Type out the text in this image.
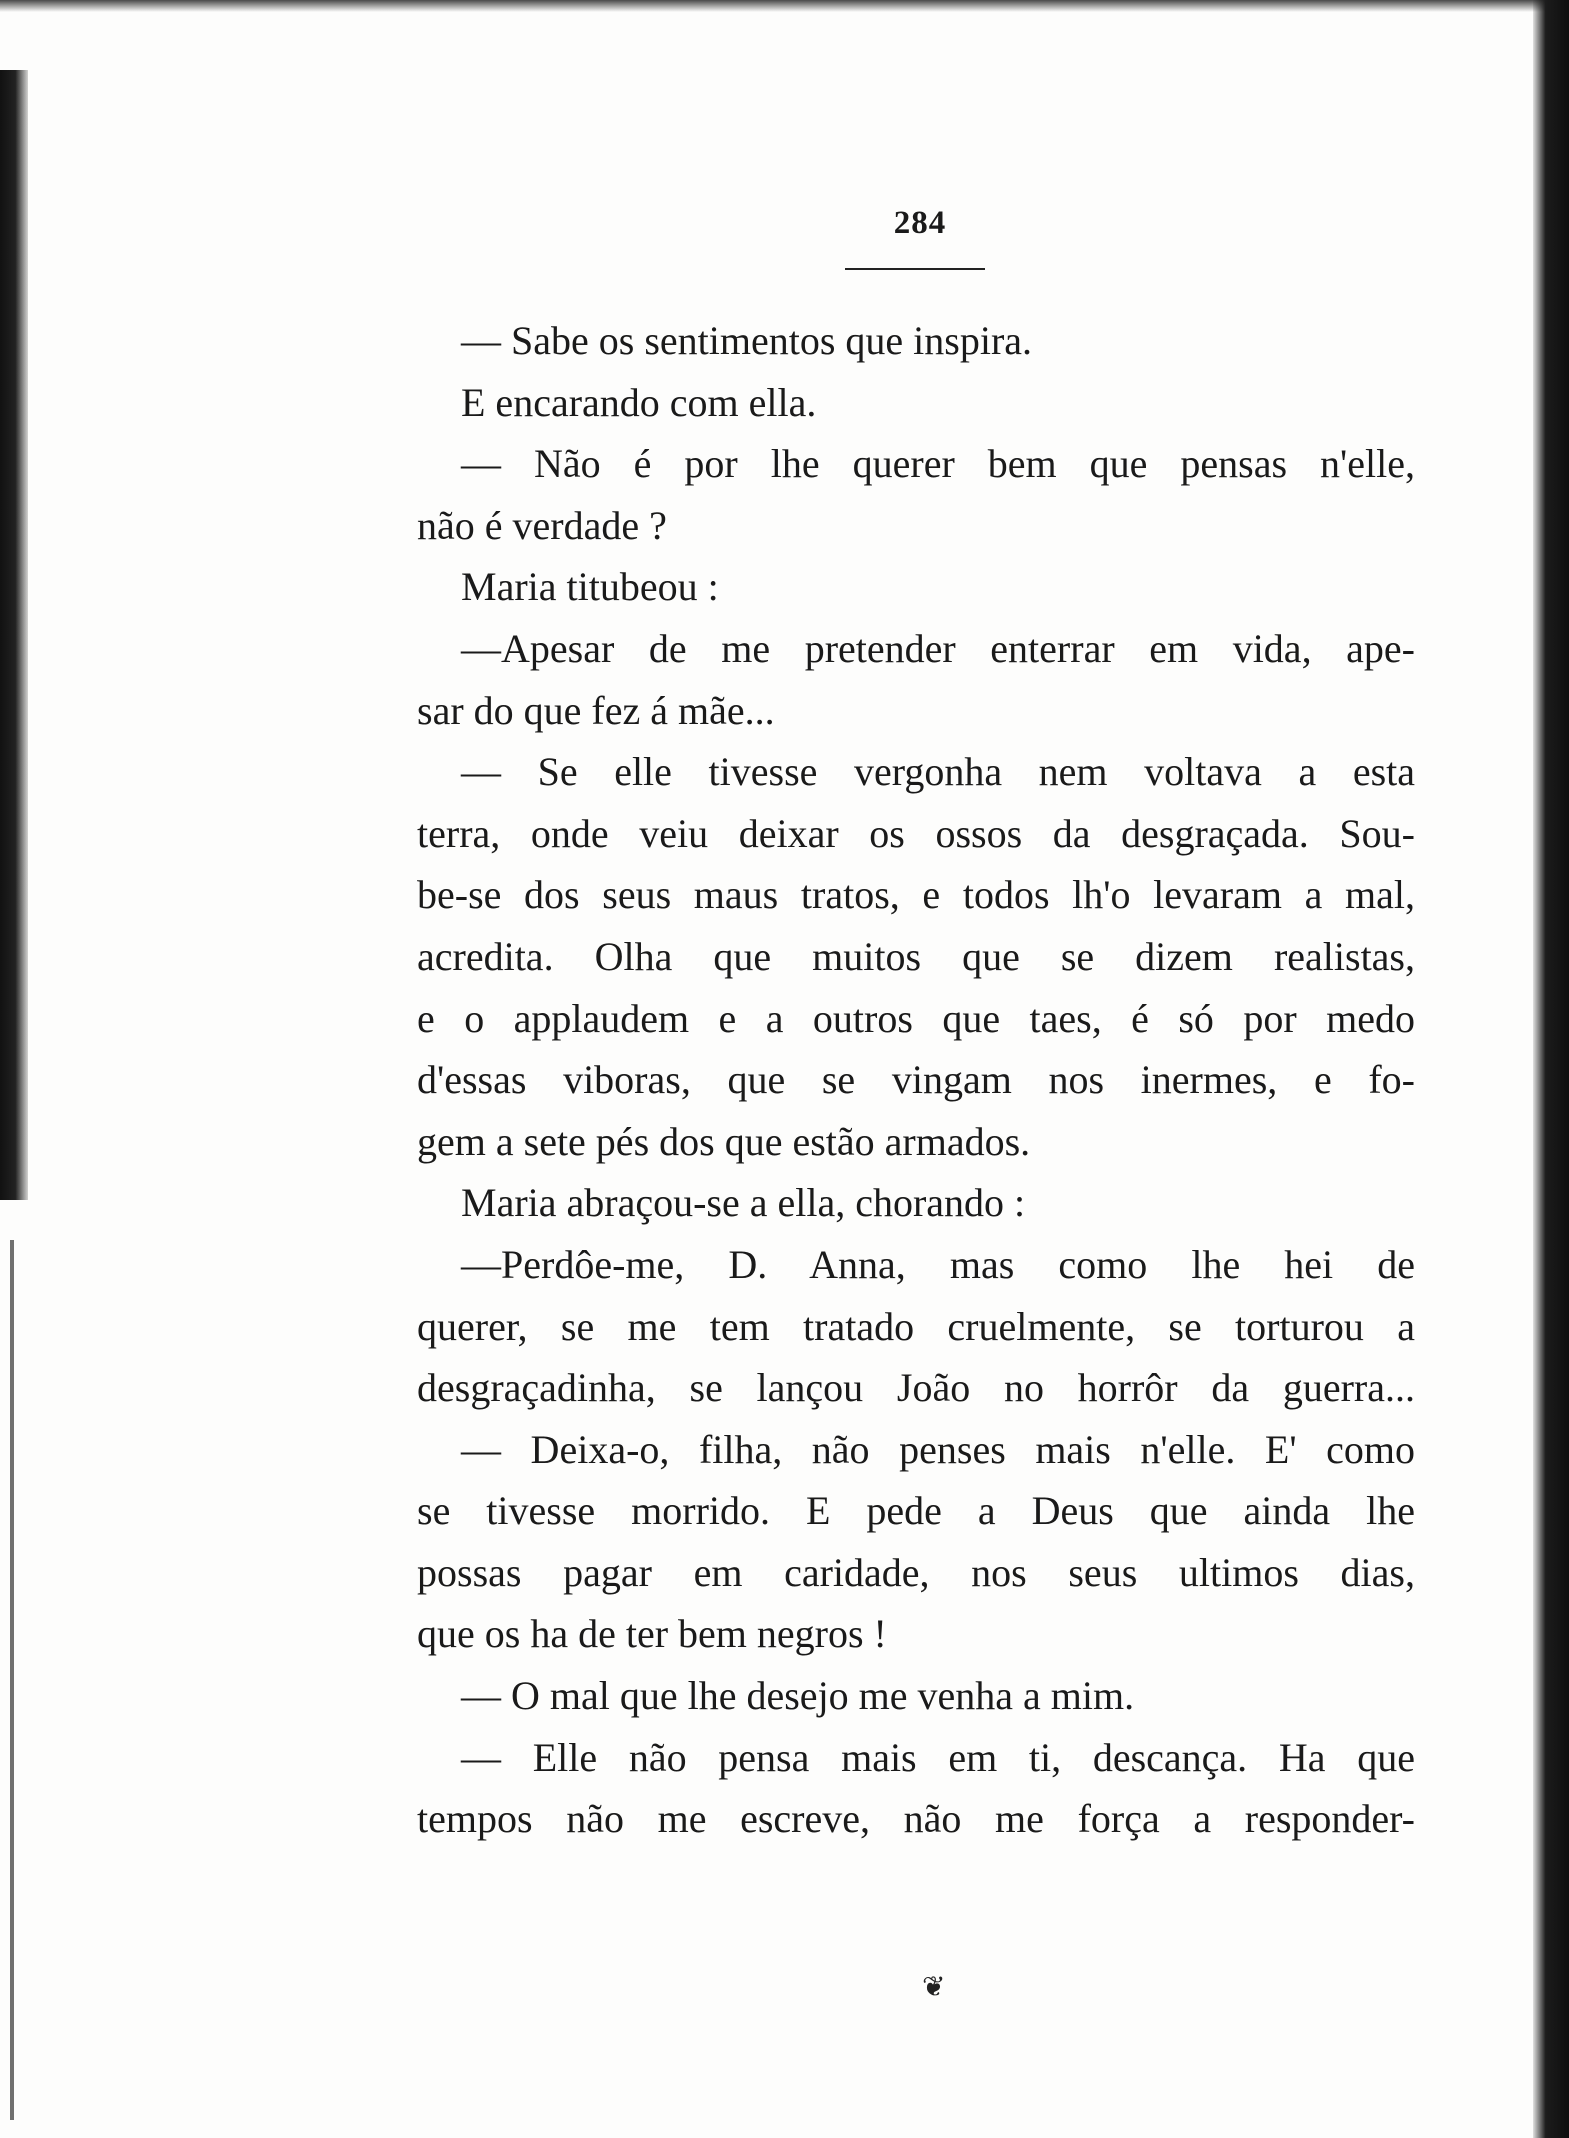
284
— Sabe os sentimentos que inspira.
E encarando com ella.
— Não é por lhe querer bem que pensas n'elle,
não é verdade ?
Maria titubeou :
—Apesar de me pretender enterrar em vida, ape-
sar do que fez á mãe...
— Se elle tivesse vergonha nem voltava a esta
terra, onde veiu deixar os ossos da desgraçada. Sou-
be-se dos seus maus tratos, e todos lh'o levaram a mal,
acredita. Olha que muitos que se dizem realistas,
e o applaudem e a outros que taes, é só por medo
d'essas viboras, que se vingam nos inermes, e fo-
gem a sete pés dos que estão armados.
Maria abraçou-se a ella, chorando :
—Perdôe-me, D. Anna, mas como lhe hei de
querer, se me tem tratado cruelmente, se torturou a
desgraçadinha, se lançou João no horrôr da guerra...
— Deixa-o, filha, não penses mais n'elle. E' como
se tivesse morrido. E pede a Deus que ainda lhe
possas pagar em caridade, nos seus ultimos dias,
que os ha de ter bem negros !
— O mal que lhe desejo me venha a mim.
— Elle não pensa mais em ti, descança. Ha que
tempos não me escreve, não me força a responder-
❦
